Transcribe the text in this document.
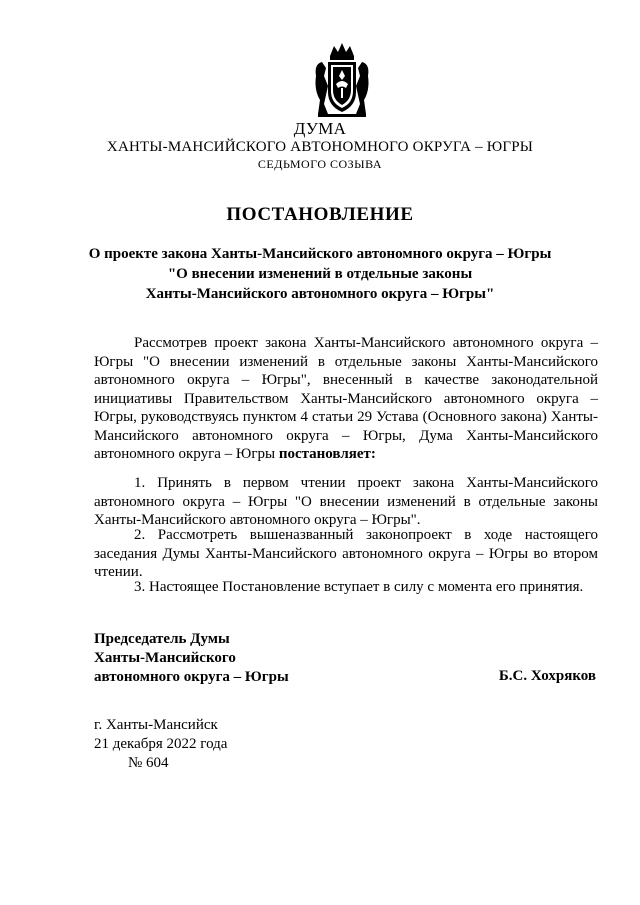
ДУМА
ХАНТЫ-МАНСИЙСКОГО АВТОНОМНОГО ОКРУГА – ЮГРЫ
СЕДЬМОГО СОЗЫВА
ПОСТАНОВЛЕНИЕ
О проекте закона Ханты-Мансийского автономного округа – Югры
"О внесении изменений в отдельные законы
Ханты-Мансийского автономного округа – Югры"
Рассмотрев проект закона Ханты-Мансийского автономного округа – Югры "О внесении изменений в отдельные законы Ханты-Мансийского автономного округа – Югры", внесенный в качестве законодательной инициативы Правительством Ханты-Мансийского автономного округа – Югры, руководствуясь пунктом 4 статьи 29 Устава (Основного закона) Ханты-Мансийского автономного округа – Югры, Дума Ханты-Мансийского автономного округа – Югры постановляет:
1. Принять в первом чтении проект закона Ханты-Мансийского автономного округа – Югры "О внесении изменений в отдельные законы Ханты-Мансийского автономного округа – Югры".
2. Рассмотреть вышеназванный законопроект в ходе настоящего заседания Думы Ханты-Мансийского автономного округа – Югры во втором чтении.
3. Настоящее Постановление вступает в силу с момента его принятия.
Председатель Думы
Ханты-Мансийского
автономного округа – Югры	Б.С. Хохряков
г. Ханты-Мансийск
21 декабря 2022 года
№ 604
